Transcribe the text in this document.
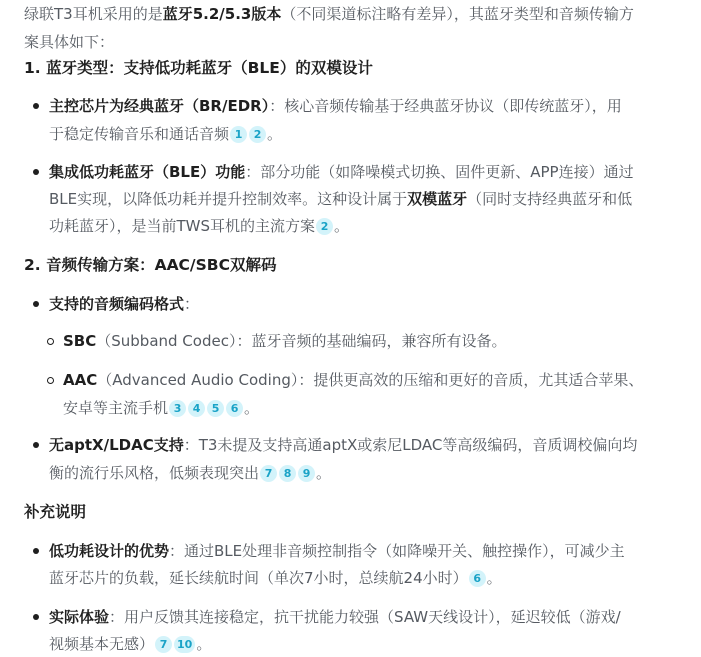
绿联T3耳机采用的是蓝牙5.2/5.3版本（不同渠道标注略有差异），其蓝牙类型和音频传输方
案具体如下：
1. 蓝牙类型：支持低功耗蓝牙（BLE）的双模设计
主控芯片为经典蓝牙（BR/EDR）：核心音频传输基于经典蓝牙协议（即传统蓝牙），用
于稳定传输音乐和通话音频 1 2 。
集成低功耗蓝牙（BLE）功能：部分功能（如降噪模式切换、固件更新、APP连接）通过
BLE实现，以降低功耗并提升控制效率。这种设计属于双模蓝牙（同时支持经典蓝牙和低
功耗蓝牙），是当前TWS耳机的主流方案 2 。
2. 音频传输方案：AAC/SBC双解码
支持的音频编码格式：
SBC（Subband Codec）：蓝牙音频的基础编码，兼容所有设备。
AAC（Advanced Audio Coding）：提供更高效的压缩和更好的音质，尤其适合苹果、
安卓等主流手机 3 4 5 6 。
无aptX/LDAC支持：T3未提及支持高通aptX或索尼LDAC等高级编码，音质调校偏向均
衡的流行乐风格，低频表现突出 7 8 9 。
补充说明
低功耗设计的优势：通过BLE处理非音频控制指令（如降噪开关、触控操作），可减少主
蓝牙芯片的负载，延长续航时间（单次7小时，总续航24小时） 6 。
实际体验：用户反馈其连接稳定，抗干扰能力较强（SAW天线设计），延迟较低（游戏/
视频基本无感） 7 10 。
